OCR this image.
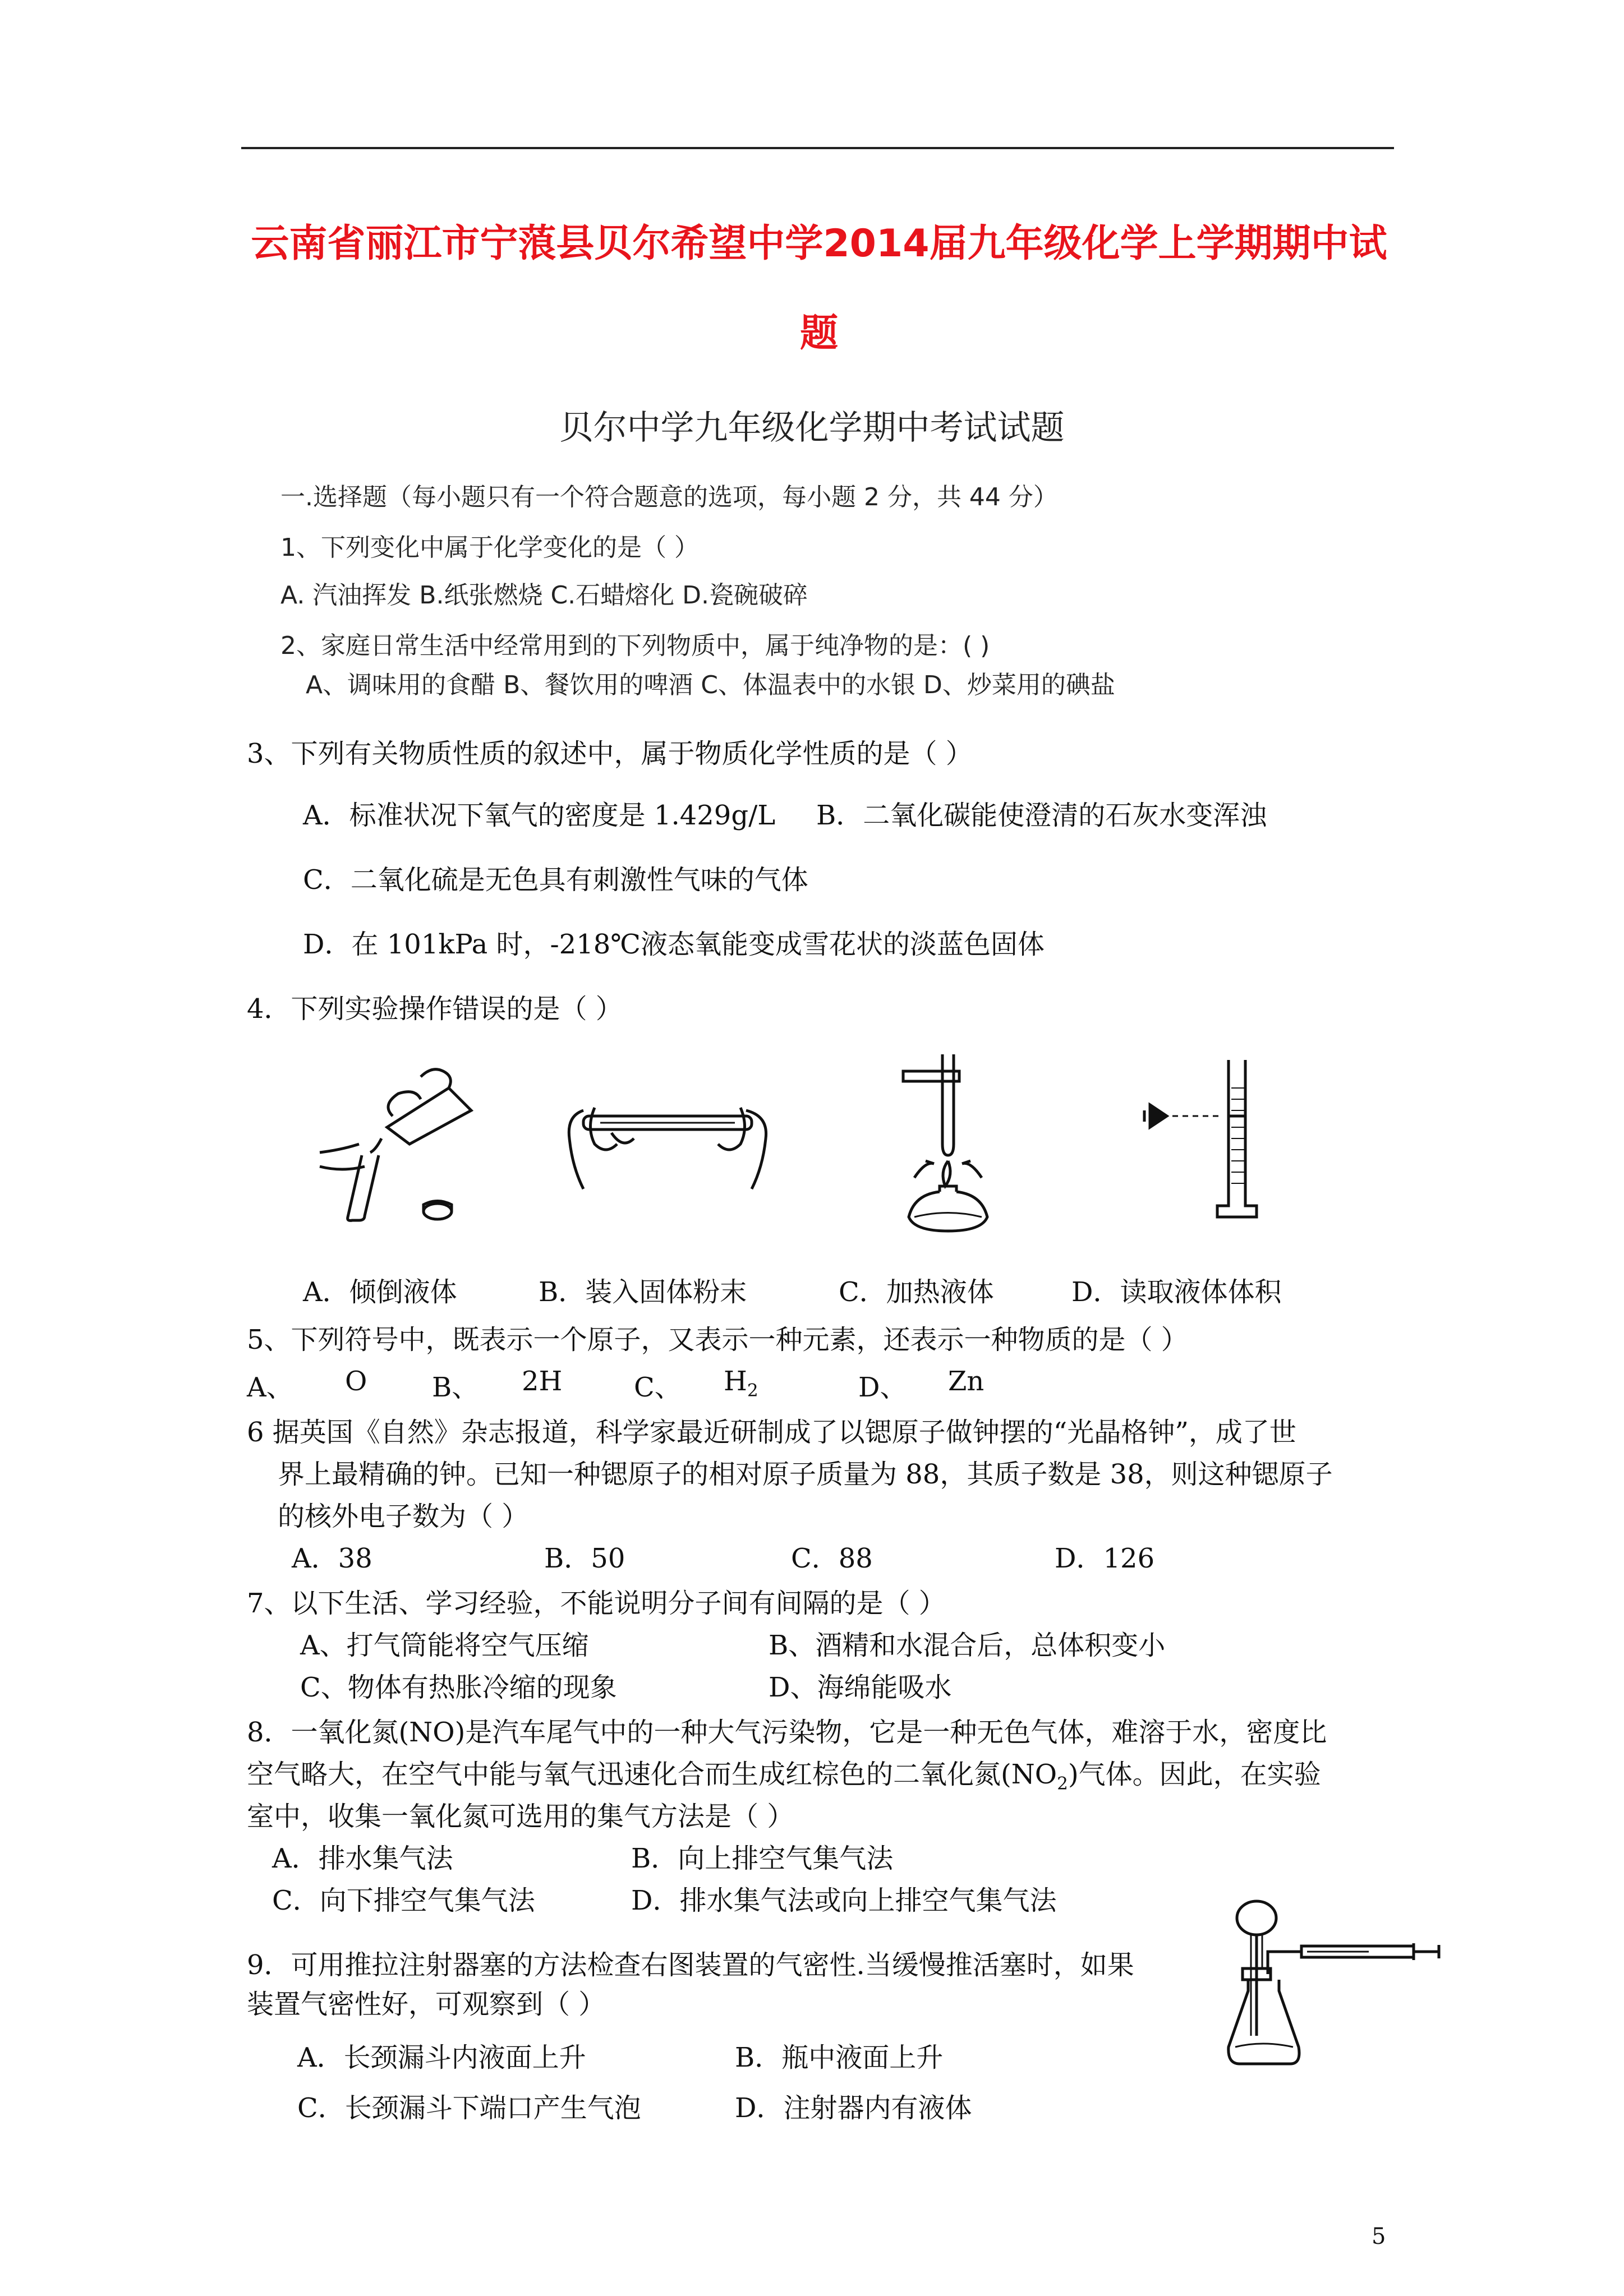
云南省丽江市宁蒗县贝尔希望中学2014届九年级化学上学期期中试
题
贝尔中学九年级化学期中考试试题
一.选择题（每小题只有一个符合题意的选项，每小题 2 分，共 44 分）
1、下列变化中属于化学变化的是（ ）
A. 汽油挥发 B.纸张燃烧 C.石蜡熔化 D.瓷碗破碎
2、家庭日常生活中经常用到的下列物质中，属于纯净物的是：( )
A、调味用的食醋 B、餐饮用的啤酒 C、体温表中的水银 D、炒菜用的碘盐
3、下列有关物质性质的叙述中，属于物质化学性质的是（ ）
A．标准状况下氧气的密度是 1.429g/L B．二氧化碳能使澄清的石灰水变浑浊
C．二氧化硫是无色具有刺激性气味的气体
D．在 101kPa 时，-218℃液态氧能变成雪花状的淡蓝色固体
4．下列实验操作错误的是（ ）
A．倾倒液体	B．装入固体粉末	C．加热液体	D．读取液体体积
5、下列符号中，既表示一个原子，又表示一种元素，还表示一种物质的是（ ）
A、 O B、 2H	C、 $H_2$	D、 Zn
6 据英国《自然》杂志报道，科学家最近研制成了以锶原子做钟摆的“光晶格钟”，成了世
界上最精确的钟。已知一种锶原子的相对原子质量为 88，其质子数是 38，则这种锶原子
的核外电子数为（ ）
A．38	B．50	C．88	D．126
7、以下生活、学习经验，不能说明分子间有间隔的是（ ）
A、打气筒能将空气压缩	B、酒精和水混合后，总体积变小
C、物体有热胀冷缩的现象	D、海绵能吸水
8．一氧化氮(NO)是汽车尾气中的一种大气污染物，它是一种无色气体，难溶于水，密度比
空气略大，在空气中能与氧气迅速化合而生成红棕色的二氧化氮$(NO_2)$气体。因此，在实验
室中，收集一氧化氮可选用的集气方法是（ ）
A．排水集气法	B．向上排空气集气法
C．向下排空气集气法	D．排水集气法或向上排空气集气法
9．可用推拉注射器塞的方法检查右图装置的气密性.当缓慢推活塞时，如果
装置气密性好，可观察到（ ）
A．长颈漏斗内液面上升	B．瓶中液面上升
C．长颈漏斗下端口产生气泡	D．注射器内有液体
5
